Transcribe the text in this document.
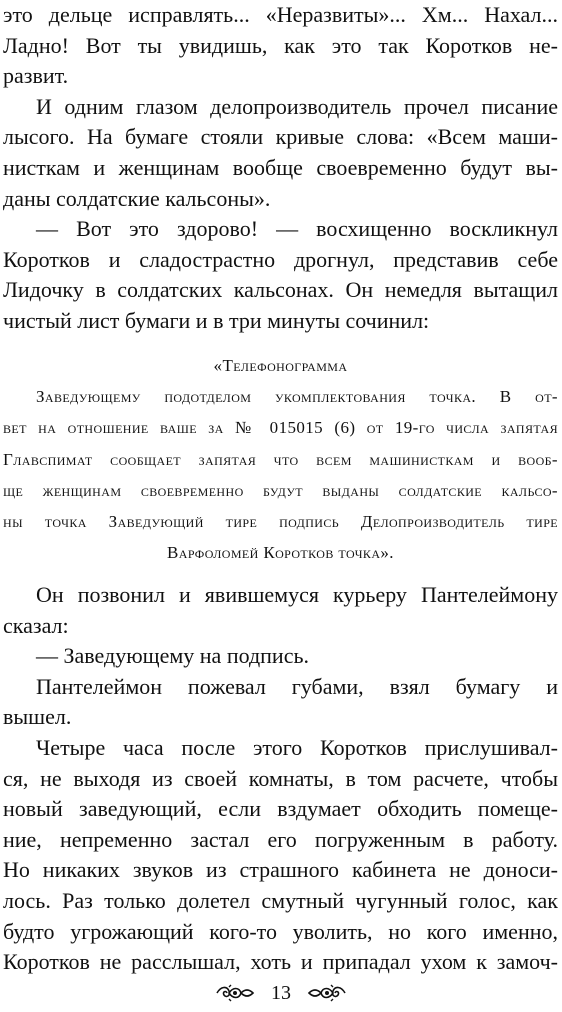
это дельце исправлять... «Неразвиты»... Хм... Нахал...
Ладно! Вот ты увидишь, как это так Коротков не-
развит.
И одним глазом делопроизводитель прочел писание
лысого. На бумаге стояли кривые слова: «Всем маши-
нисткам и женщинам вообще своевременно будут вы-
даны солдатские кальсоны».
— Вот это здорово! — восхищенно воскликнул
Коротков и сладострастно дрогнул, представив себе
Лидочку в солдатских кальсонах. Он немедля вытащил
чистый лист бумаги и в три минуты сочинил:
«Телефонограмма
Заведующему подотделом укомплектования точка. В от-
вет на отношение ваше за № 015015 (6) от 19-го числа запятая
Главспимат сообщает запятая что всем машинисткам и вооб-
ще женщинам своевременно будут выданы солдатские кальсо-
ны точка Заведующий тире подпись Делопроизводитель тире
Варфоломей Коротков точка».
Он позвонил и явившемуся курьеру Пантелеймону
сказал:
— Заведующему на подпись.
Пантелеймон пожевал губами, взял бумагу и
вышел.
Четыре часа после этого Коротков прислушивал-
ся, не выходя из своей комнаты, в том расчете, чтобы
новый заведующий, если вздумает обходить помеще-
ние, непременно застал его погруженным в работу.
Но никаких звуков из страшного кабинета не доноси-
лось. Раз только долетел смутный чугунный голос, как
будто угрожающий кого-то уволить, но кого именно,
Коротков не расслышал, хоть и припадал ухом к замоч-
13
